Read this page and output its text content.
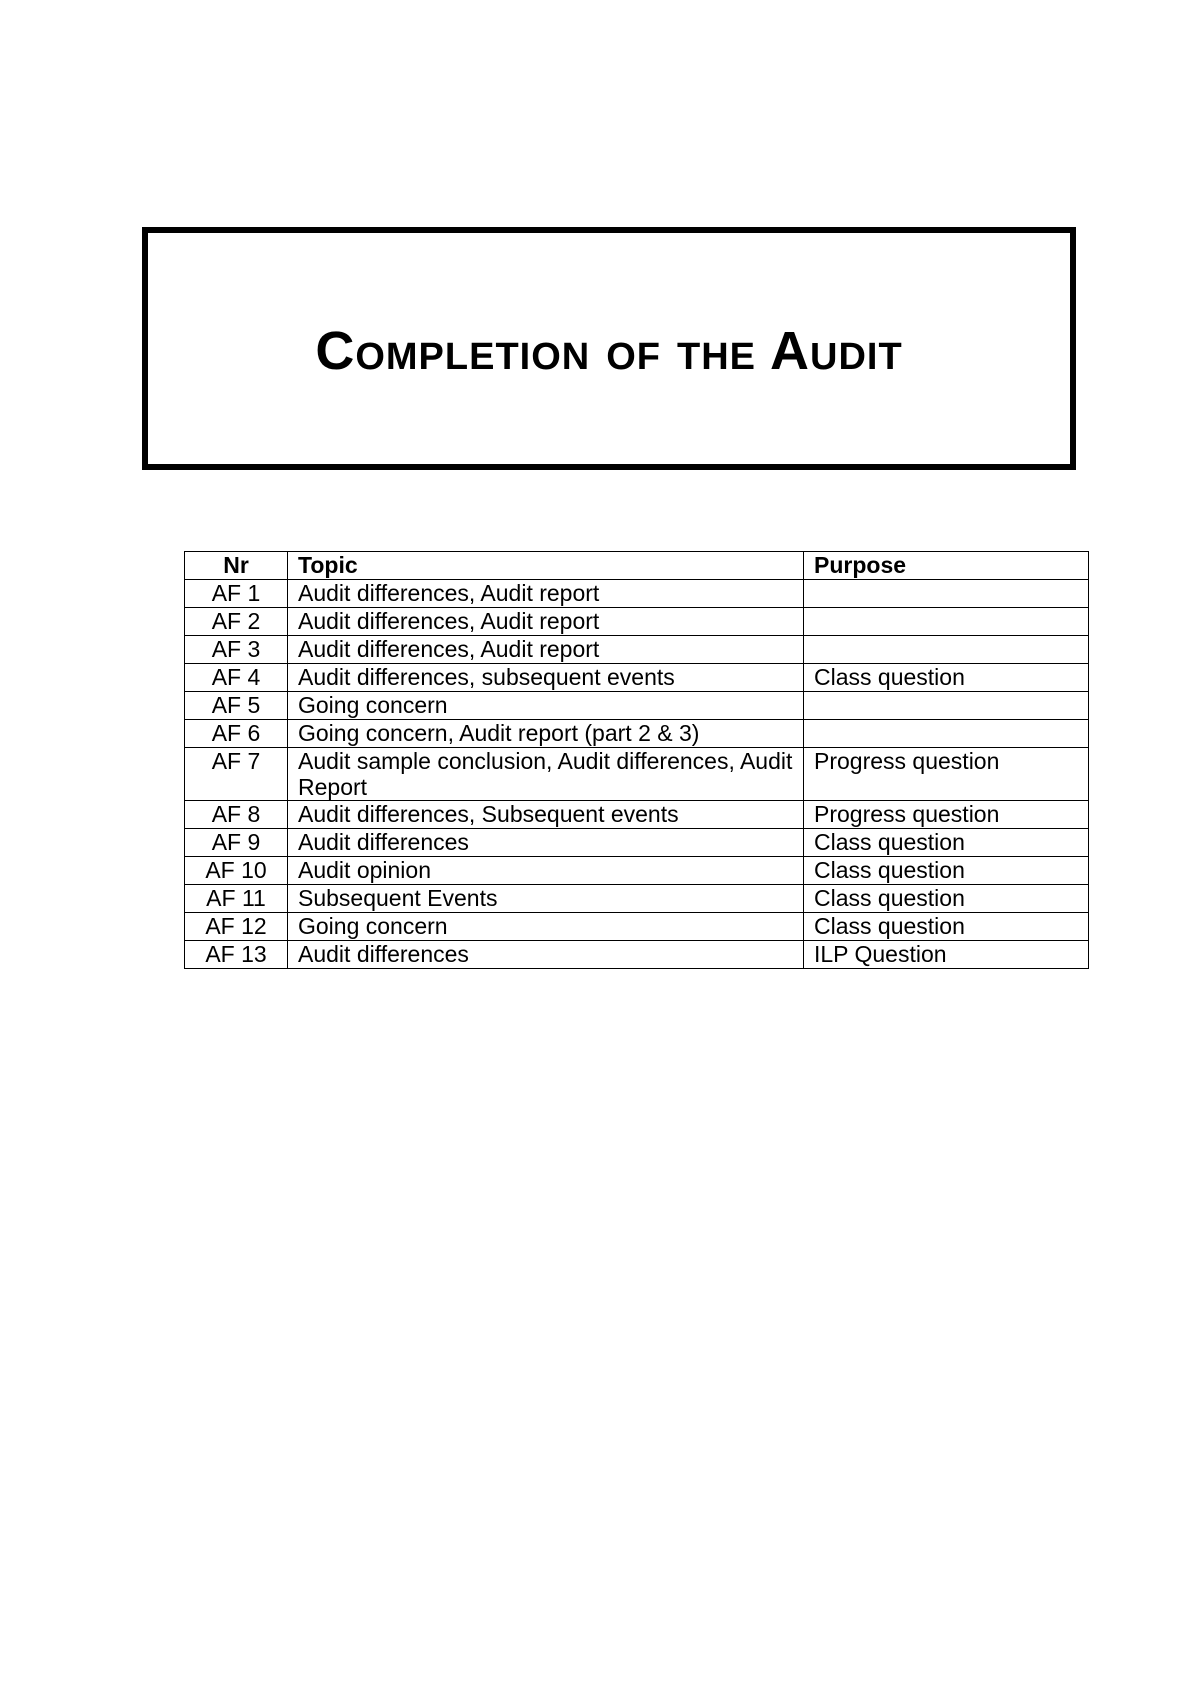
Completion of the Audit
Nr	Topic	Purpose
AF 1	Audit differences, Audit report	
AF 2	Audit differences, Audit report	
AF 3	Audit differences, Audit report	
AF 4	Audit differences, subsequent events	Class question
AF 5	Going concern	
AF 6	Going concern, Audit report (part 2 & 3)	
AF 7	Audit sample conclusion, Audit differences, Audit Report	Progress question
AF 8	Audit differences, Subsequent events	Progress question
AF 9	Audit differences	Class question
AF 10	Audit opinion	Class question
AF 11	Subsequent Events	Class question
AF 12	Going concern	Class question
AF 13	Audit differences	ILP Question
